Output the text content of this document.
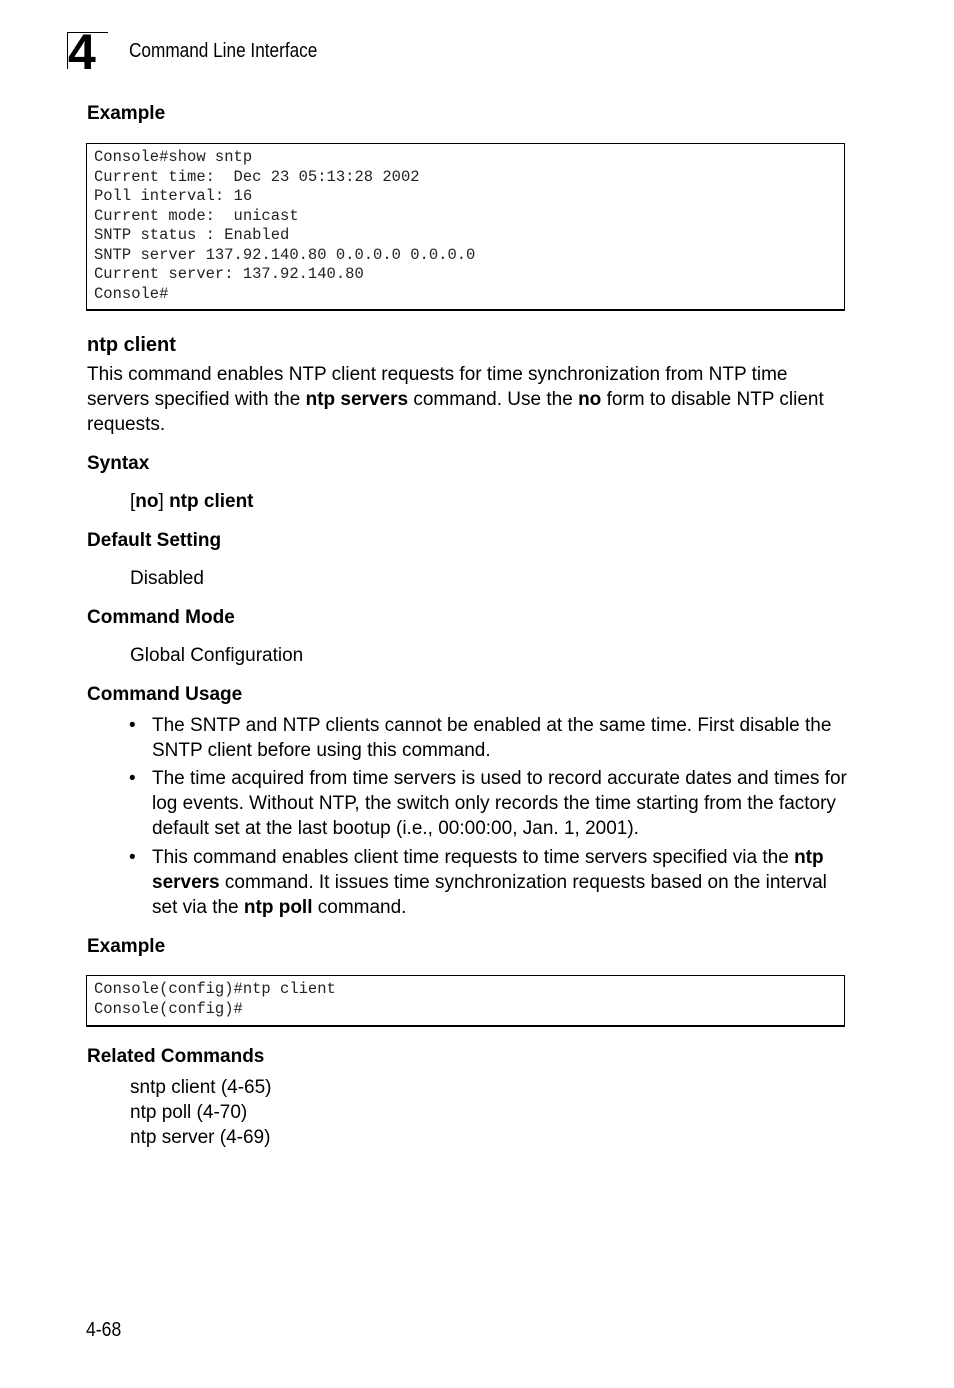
4 Command Line Interface
Example
Console#show sntp
Current time:  Dec 23 05:13:28 2002
Poll interval: 16
Current mode:  unicast
SNTP status : Enabled
SNTP server 137.92.140.80 0.0.0.0 0.0.0.0
Current server: 137.92.140.80
Console#
ntp client
This command enables NTP client requests for time synchronization from NTP time servers specified with the ntp servers command. Use the no form to disable NTP client requests.
Syntax
[no] ntp client
Default Setting
Disabled
Command Mode
Global Configuration
Command Usage
• The SNTP and NTP clients cannot be enabled at the same time. First disable the SNTP client before using this command.
• The time acquired from time servers is used to record accurate dates and times for log events. Without NTP, the switch only records the time starting from the factory default set at the last bootup (i.e., 00:00:00, Jan. 1, 2001).
• This command enables client time requests to time servers specified via the ntp servers command. It issues time synchronization requests based on the interval set via the ntp poll command.
Example
Console(config)#ntp client
Console(config)#
Related Commands
sntp client (4-65)
ntp poll (4-70)
ntp server (4-69)
4-68
